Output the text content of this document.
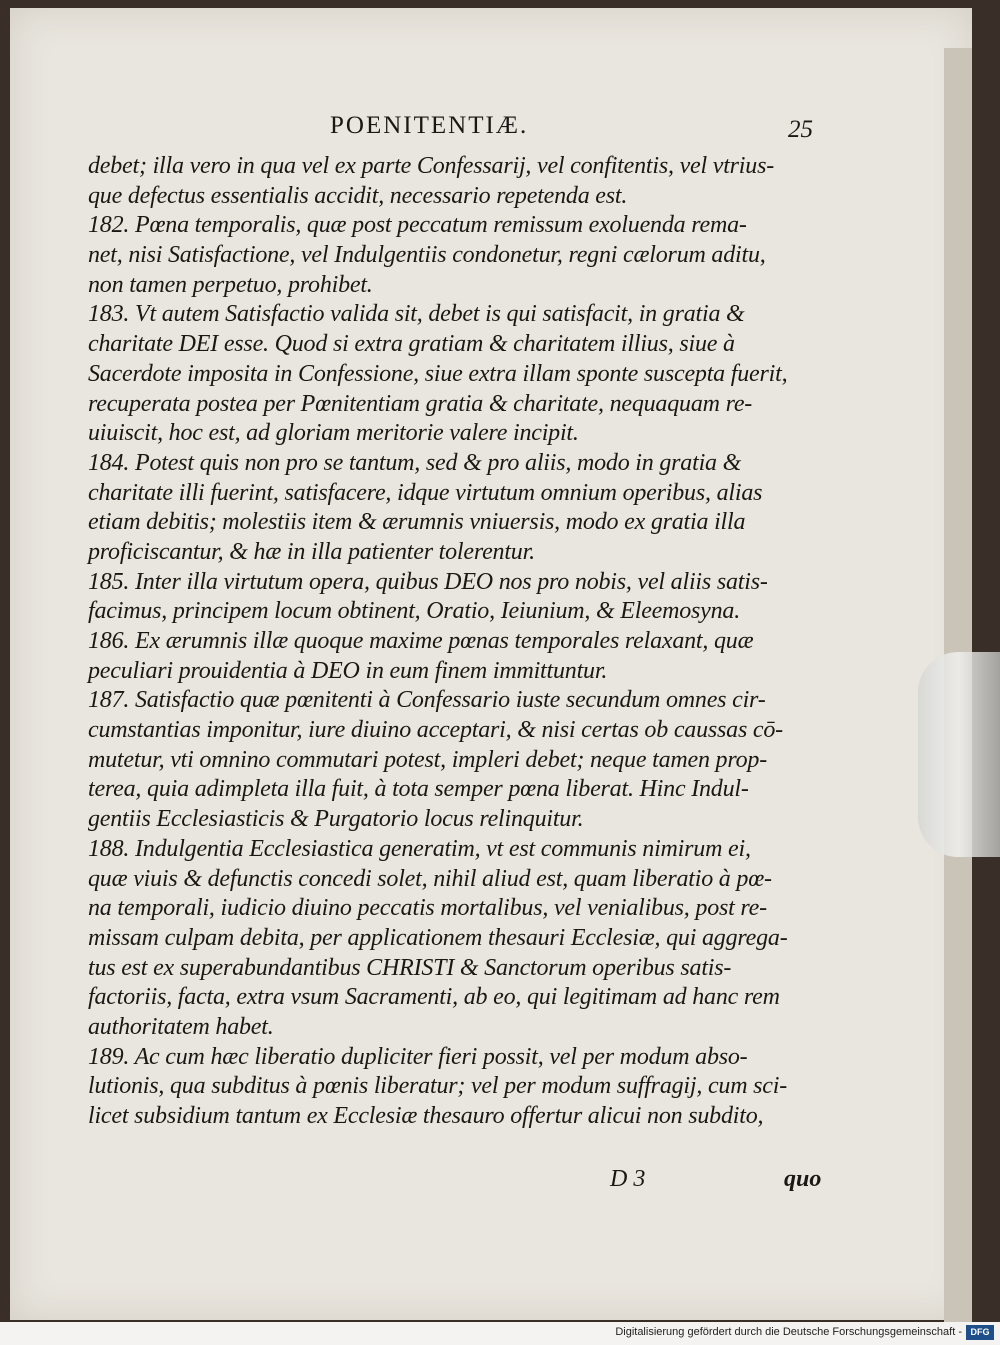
POENITENTIÆ.	25
debet; illa vero in qua vel ex parte Confessarij, vel confitentis, vel vtrius-
que defectus essentialis accidit, necessario repetenda est.
182. Pœna temporalis, quæ post peccatum remissum exoluenda rema-
net, nisi Satisfactione, vel Indulgentiis condonetur, regni cælorum aditu,
non tamen perpetuo, prohibet.
183. Vt autem Satisfactio valida sit, debet is qui satisfacit, in gratia &
charitate DEI esse. Quod si extra gratiam & charitatem illius, siue à
Sacerdote imposita in Confessione, siue extra illam sponte suscepta fuerit,
recuperata postea per Pœnitentiam gratia & charitate, nequaquam re-
uiuiscit, hoc est, ad gloriam meritorie valere incipit.
184. Potest quis non pro se tantum, sed & pro aliis, modo in gratia &
charitate illi fuerint, satisfacere, idque virtutum omnium operibus, alias
etiam debitis; molestiis item & ærumnis vniuersis, modo ex gratia illa
proficiscantur, & hæ in illa patienter tolerentur.
185. Inter illa virtutum opera, quibus DEO nos pro nobis, vel aliis satis-
facimus, principem locum obtinent, Oratio, Ieiunium, & Eleemosyna.
186. Ex ærumnis illæ quoque maxime pœnas temporales relaxant, quæ
peculiari prouidentia à DEO in eum finem immittuntur.
187. Satisfactio quæ pœnitenti à Confessario iuste secundum omnes cir-
cumstantias imponitur, iure diuino acceptari, & nisi certas ob caussas cō-
mutetur, vti omnino commutari potest, impleri debet; neque tamen prop-
terea, quia adimpleta illa fuit, à tota semper pœna liberat. Hinc Indul-
gentiis Ecclesiasticis & Purgatorio locus relinquitur.
188. Indulgentia Ecclesiastica generatim, vt est communis nimirum ei,
quæ viuis & defunctis concedi solet, nihil aliud est, quam liberatio à pœ-
na temporali, iudicio diuino peccatis mortalibus, vel venialibus, post re-
missam culpam debita, per applicationem thesauri Ecclesiæ, qui aggrega-
tus est ex superabundantibus CHRISTI & Sanctorum operibus satis-
factoriis, facta, extra vsum Sacramenti, ab eo, qui legitimam ad hanc rem
authoritatem habet.
189. Ac cum hæc liberatio dupliciter fieri possit, vel per modum abso-
lutionis, qua subditus à pœnis liberatur; vel per modum suffragij, cum sci-
licet subsidium tantum ex Ecclesiæ thesauro offertur alicui non subdito,
D 3	quo
Digitalisierung gefördert durch die Deutsche Forschungsgemeinschaft - DFG
